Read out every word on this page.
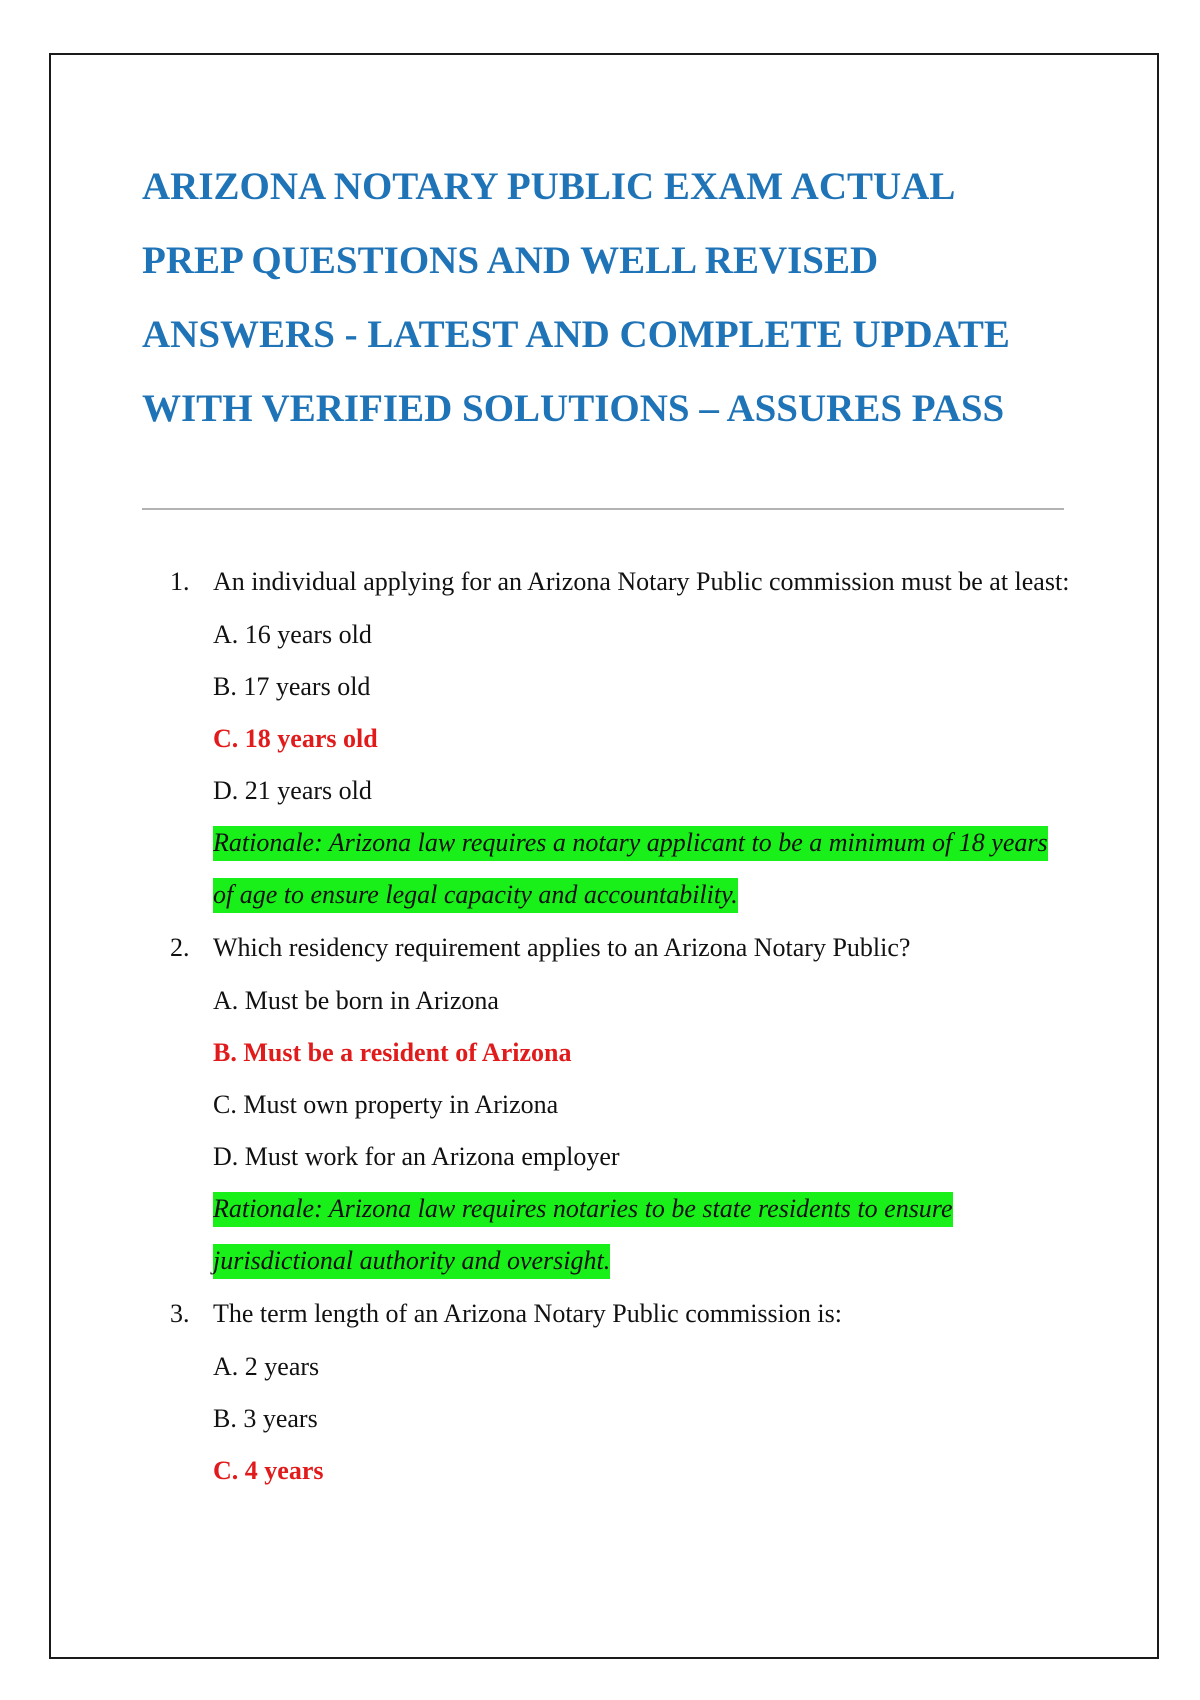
ARIZONA NOTARY PUBLIC EXAM ACTUAL
PREP QUESTIONS AND WELL REVISED
ANSWERS - LATEST AND COMPLETE UPDATE
WITH VERIFIED SOLUTIONS – ASSURES PASS
1. An individual applying for an Arizona Notary Public commission must be at least:
A. 16 years old
B. 17 years old
C. 18 years old
D. 21 years old
Rationale: Arizona law requires a notary applicant to be a minimum of 18 years of age to ensure legal capacity and accountability.
2. Which residency requirement applies to an Arizona Notary Public?
A. Must be born in Arizona
B. Must be a resident of Arizona
C. Must own property in Arizona
D. Must work for an Arizona employer
Rationale: Arizona law requires notaries to be state residents to ensure jurisdictional authority and oversight.
3. The term length of an Arizona Notary Public commission is:
A. 2 years
B. 3 years
C. 4 years
